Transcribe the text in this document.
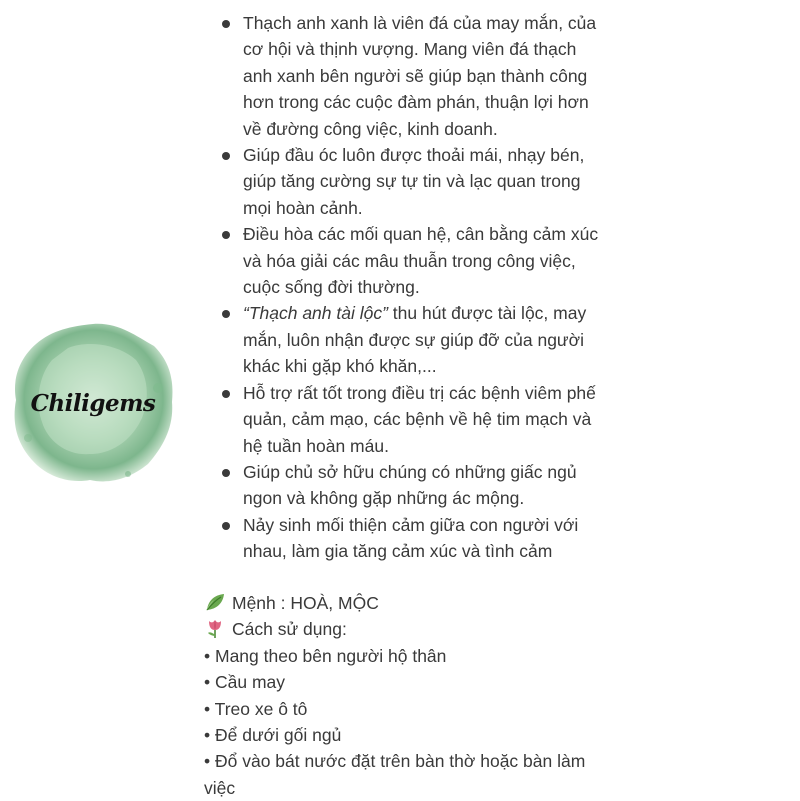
Chiligems
Thạch anh xanh là viên đá của may mắn, của cơ hội và thịnh vượng. Mang viên đá thạch anh xanh bên người sẽ giúp bạn thành công hơn trong các cuộc đàm phán, thuận lợi hơn về đường công việc, kinh doanh.
Giúp đầu óc luôn được thoải mái, nhạy bén, giúp tăng cường sự tự tin và lạc quan trong mọi hoàn cảnh.
Điều hòa các mối quan hệ, cân bằng cảm xúc và hóa giải các mâu thuẫn trong công việc, cuộc sống đời thường.
“Thạch anh tài lộc” thu hút được tài lộc, may mắn, luôn nhận được sự giúp đỡ của người khác khi gặp khó khăn,...
Hỗ trợ rất tốt trong điều trị các bệnh viêm phế quản, cảm mạo, các bệnh về hệ tim mạch và hệ tuần hoàn máu.
Giúp chủ sở hữu chúng có những giấc ngủ ngon và không gặp những ác mộng.
Nảy sinh mối thiện cảm giữa con người với nhau, làm gia tăng cảm xúc và tình cảm
Mệnh : HOÀ, MỘC
Cách sử dụng:
• Mang theo bên người hộ thân
• Cầu may
• Treo xe ô tô
• Để dưới gối ngủ
• Đổ vào bát nước đặt trên bàn thờ hoặc bàn làm việc
